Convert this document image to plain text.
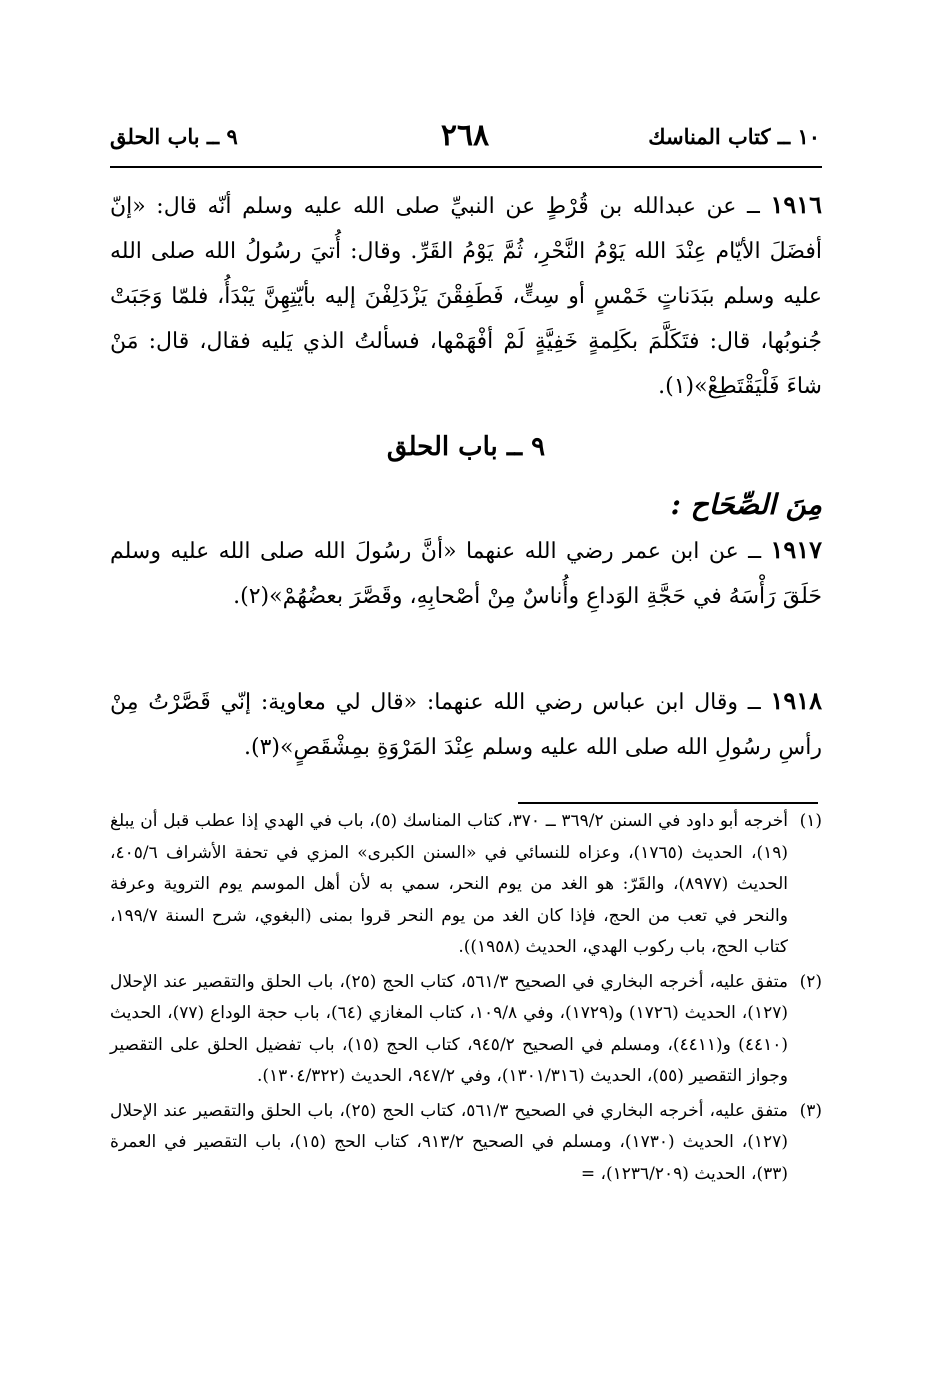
١٠ ــ كتاب المناسك
٢٦٨
٩ ــ باب الحلق

١٩١٦ ــ عن عبدالله بن قُرْطٍ عن النبيِّ صلى الله عليه وسلم أنّه قال: «إنّ أفضَلَ الأيّام عِنْدَ الله يَوْمُ النَّحْرِ، ثُمَّ يَوْمُ القَرِّ. وقال: أُتيَ رسُولُ الله صلى الله عليه وسلم ببَدَناتٍ خَمْسٍ أو سِتٍّ، فَطَفِقْنَ يَزْدَلِفْنَ إليه بأيّتِهِنَّ يَبْدَأُ، فلمّا وَجَبَتْ جُنوبُها، قال: فتَكَلَّمَ بكَلِمةٍ خَفِيَّةٍ لَمْ أفْهَمْها، فسألتُ الذي يَليه فقال، قال: مَنْ شاءَ فَلْيَقْتَطِعْ»(١).

٩ ــ باب الحلق
مِنَ الصِّحَاح :

١٩١٧ ــ عن ابن عمر رضي الله عنهما «أنَّ رسُولَ الله صلى الله عليه وسلم حَلَقَ رَأْسَهُ في حَجَّةِ الوَداعِ وأُناسٌ مِنْ أصْحابِهِ، وقَصَّرَ بعضُهُمْ»(٢).

١٩١٨ ــ وقال ابن عباس رضي الله عنهما: «قال لي معاوية: إنّي قَصَّرْتُ مِنْ رأسِ رسُولِ الله صلى الله عليه وسلم عِنْدَ المَرْوَةِ بمِشْقَصٍ»(٣).

(١)
أخرجه أبو داود في السنن ٣٦٩/٢ ــ ٣٧٠، كتاب المناسك (٥)، باب في الهدي إذا عطب قبل أن يبلغ (١٩)، الحديث (١٧٦٥)، وعزاه للنسائي في «السنن الكبرى» المزي في تحفة الأشراف ٤٠٥/٦، الحديث (٨٩٧٧)، والقَرّ: هو الغد من يوم النحر، سمي به لأن أهل الموسم يوم التروية وعرفة والنحر في تعب من الحج، فإذا كان الغد من يوم النحر قروا بمنى (البغوي، شرح السنة ١٩٩/٧، كتاب الحج، باب ركوب الهدي، الحديث (١٩٥٨)).
(٢)
متفق عليه، أخرجه البخاري في الصحيح ٥٦١/٣، كتاب الحج (٢٥)، باب الحلق والتقصير عند الإحلال (١٢٧)، الحديث (١٧٢٦) و(١٧٢٩)، وفي ١٠٩/٨، كتاب المغازي (٦٤)، باب حجة الوداع (٧٧)، الحديث (٤٤١٠) و(٤٤١١)، ومسلم في الصحيح ٩٤٥/٢، كتاب الحج (١٥)، باب تفضيل الحلق على التقصير وجواز التقصير (٥٥)، الحديث (١٣٠١/٣١٦)، وفي ٩٤٧/٢، الحديث (١٣٠٤/٣٢٢).
(٣)
متفق عليه، أخرجه البخاري في الصحيح ٥٦١/٣، كتاب الحج (٢٥)، باب الحلق والتقصير عند الإحلال (١٢٧)، الحديث (١٧٣٠)، ومسلم في الصحيح ٩١٣/٢، كتاب الحج (١٥)، باب التقصير في العمرة (٣٣)، الحديث (١٢٣٦/٢٠٩)، =
